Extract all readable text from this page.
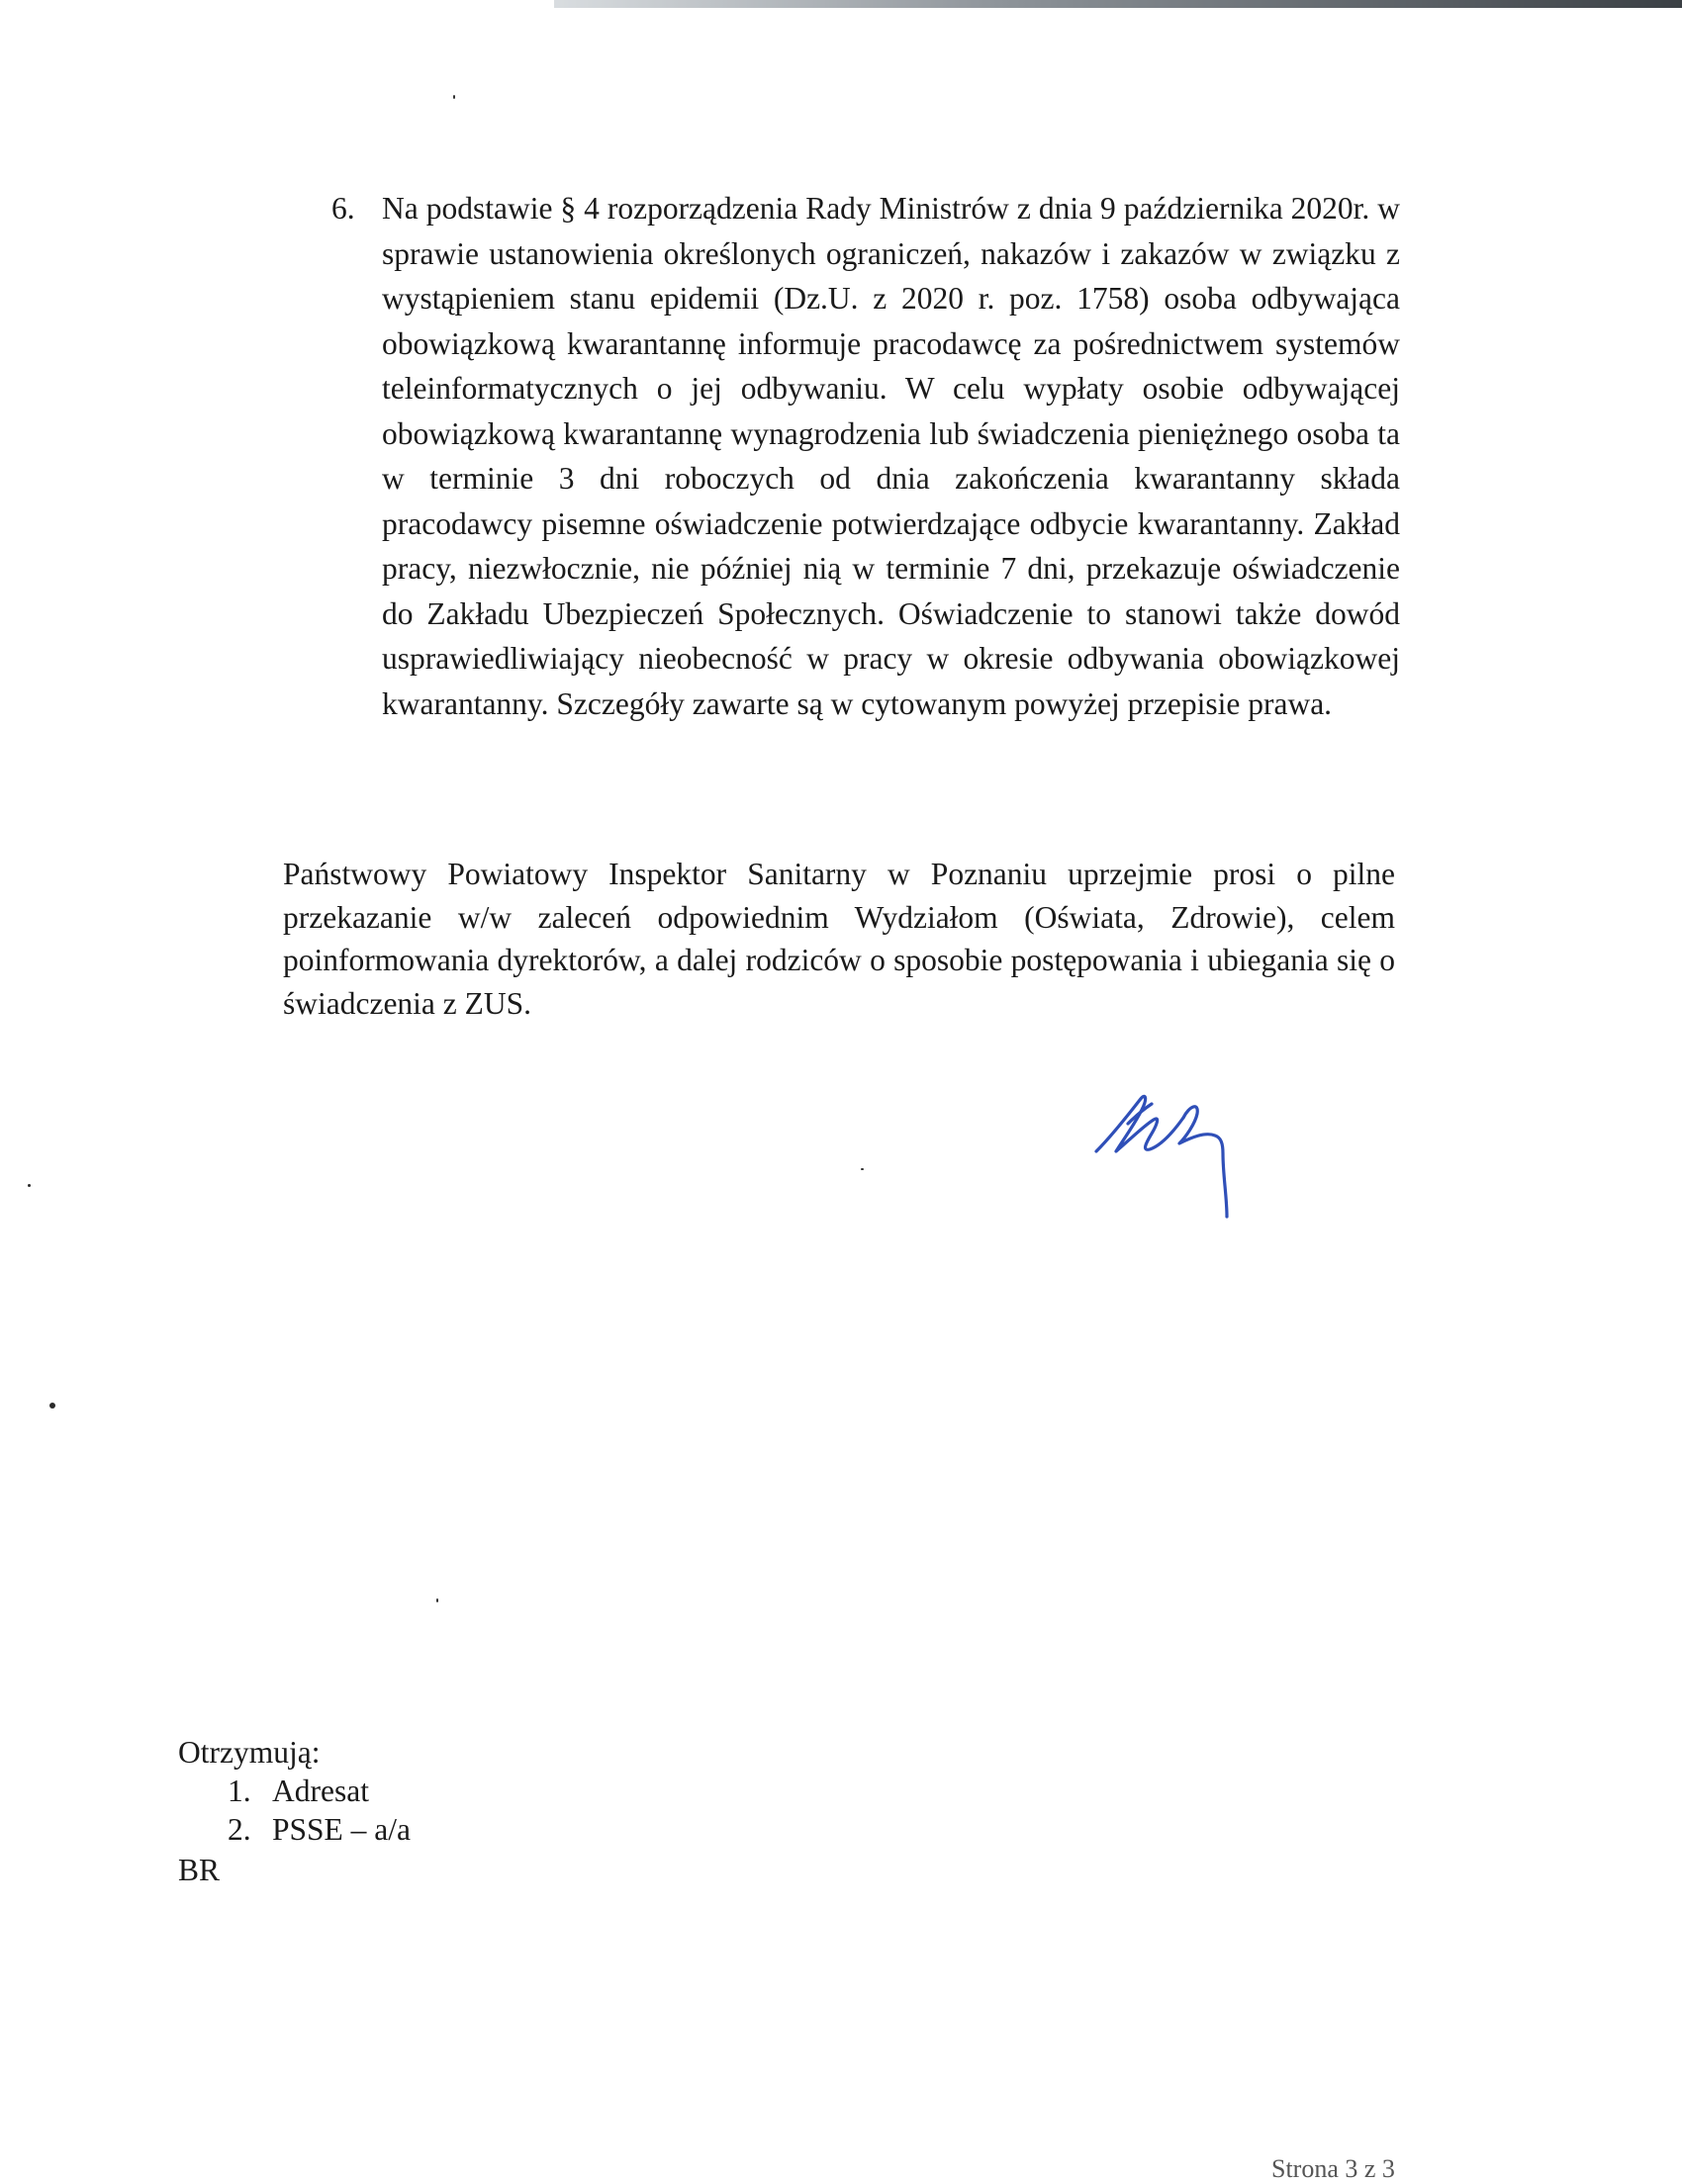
6. Na podstawie § 4 rozporządzenia Rady Ministrów z dnia 9 października 2020r. w sprawie ustanowienia określonych ograniczeń, nakazów i zakazów w związku z wystąpieniem stanu epidemii (Dz.U. z 2020 r. poz. 1758) osoba odbywająca obowiązkową kwarantannę informuje pracodawcę za pośrednictwem systemów teleinformatycznych o jej odbywaniu. W celu wypłaty osobie odbywającej obowiązkową kwarantannę wynagrodzenia lub świadczenia pieniężnego osoba ta w terminie 3 dni roboczych od dnia zakończenia kwarantanny składa pracodawcy pisemne oświadczenie potwierdzające odbycie kwarantanny. Zakład pracy, niezwłocznie, nie później nią w terminie 7 dni, przekazuje oświadczenie do Zakładu Ubezpieczeń Społecznych. Oświadczenie to stanowi także dowód usprawiedliwiający nieobecność w pracy w okresie odbywania obowiązkowej kwarantanny. Szczegóły zawarte są w cytowanym powyżej przepisie prawa.

Państwowy Powiatowy Inspektor Sanitarny w Poznaniu uprzejmie prosi o pilne przekazanie w/w zaleceń odpowiednim Wydziałom (Oświata, Zdrowie), celem poinformowania dyrektorów, a dalej rodziców o sposobie postępowania i ubiegania się o świadczenia z ZUS.

Otrzymują:
1. Adresat
2. PSSE – a/a
BR
Strona 3 z 3
